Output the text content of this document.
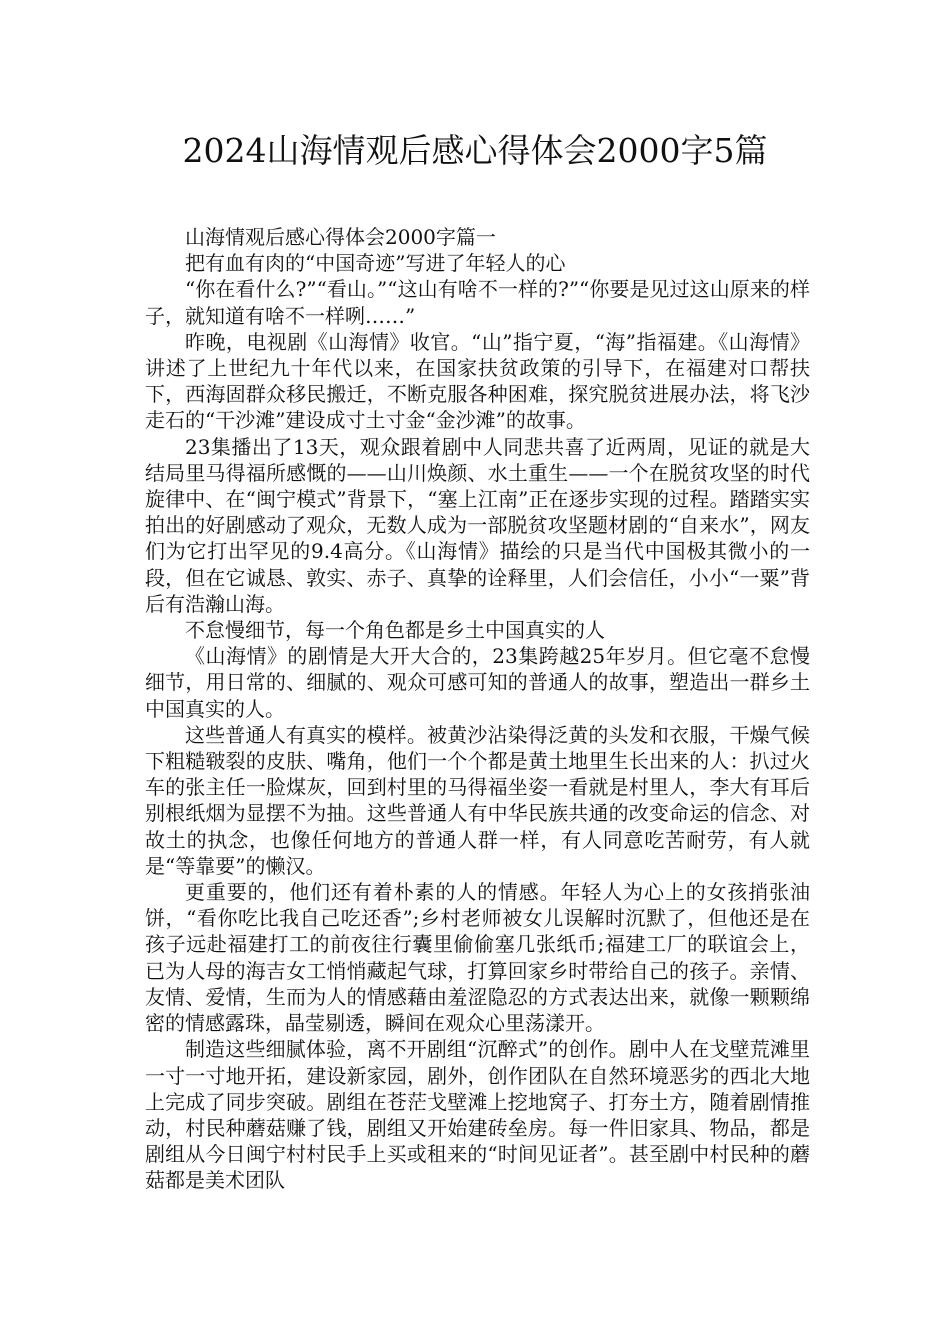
2024山海情观后感心得体会2000字5篇

山海情观后感心得体会2000字篇一

把有血有肉的“中国奇迹”写进了年轻人的心

“你在看什么?”“看山。”“这山有啥不一样的?”“你要是见过这山原来的样子，就知道有啥不一样咧……”

昨晚，电视剧《山海情》收官。“山”指宁夏，“海”指福建。《山海情》讲述了上世纪九十年代以来，在国家扶贫政策的引导下，在福建对口帮扶下，西海固群众移民搬迁，不断克服各种困难，探究脱贫进展办法，将飞沙走石的“干沙滩”建设成寸土寸金“金沙滩”的故事。

23集播出了13天，观众跟着剧中人同悲共喜了近两周，见证的就是大结局里马得福所感慨的——山川焕颜、水土重生——一个在脱贫攻坚的时代旋律中、在“闽宁模式”背景下，“塞上江南”正在逐步实现的过程。踏踏实实拍出的好剧感动了观众，无数人成为一部脱贫攻坚题材剧的“自来水”，网友们为它打出罕见的9.4高分。《山海情》描绘的只是当代中国极其微小的一段，但在它诚恳、敦实、赤子、真挚的诠释里，人们会信任，小小“一粟”背后有浩瀚山海。

不怠慢细节，每一个角色都是乡土中国真实的人

《山海情》的剧情是大开大合的，23集跨越25年岁月。但它毫不怠慢细节，用日常的、细腻的、观众可感可知的普通人的故事，塑造出一群乡土中国真实的人。

这些普通人有真实的模样。被黄沙沾染得泛黄的头发和衣服，干燥气候下粗糙皲裂的皮肤、嘴角，他们一个个都是黄土地里生长出来的人：扒过火车的张主任一脸煤灰，回到村里的马得福坐姿一看就是村里人，李大有耳后别根纸烟为显摆不为抽。这些普通人有中华民族共通的改变命运的信念、对故土的执念，也像任何地方的普通人群一样，有人同意吃苦耐劳，有人就是“等靠要”的懒汉。

更重要的，他们还有着朴素的人的情感。年轻人为心上的女孩捎张油饼，“看你吃比我自己吃还香”;乡村老师被女儿误解时沉默了，但他还是在孩子远赴福建打工的前夜往行囊里偷偷塞几张纸币;福建工厂的联谊会上，已为人母的海吉女工悄悄藏起气球，打算回家乡时带给自己的孩子。亲情、友情、爱情，生而为人的情感藉由羞涩隐忍的方式表达出来，就像一颗颗绵密的情感露珠，晶莹剔透，瞬间在观众心里荡漾开。

制造这些细腻体验，离不开剧组“沉醉式”的创作。剧中人在戈壁荒滩里一寸一寸地开拓，建设新家园，剧外，创作团队在自然环境恶劣的西北大地上完成了同步突破。剧组在苍茫戈壁滩上挖地窝子、打夯土方，随着剧情推动，村民种蘑菇赚了钱，剧组又开始建砖垒房。每一件旧家具、物品，都是剧组从今日闽宁村村民手上买或租来的“时间见证者”。甚至剧中村民种的蘑菇都是美术团队
